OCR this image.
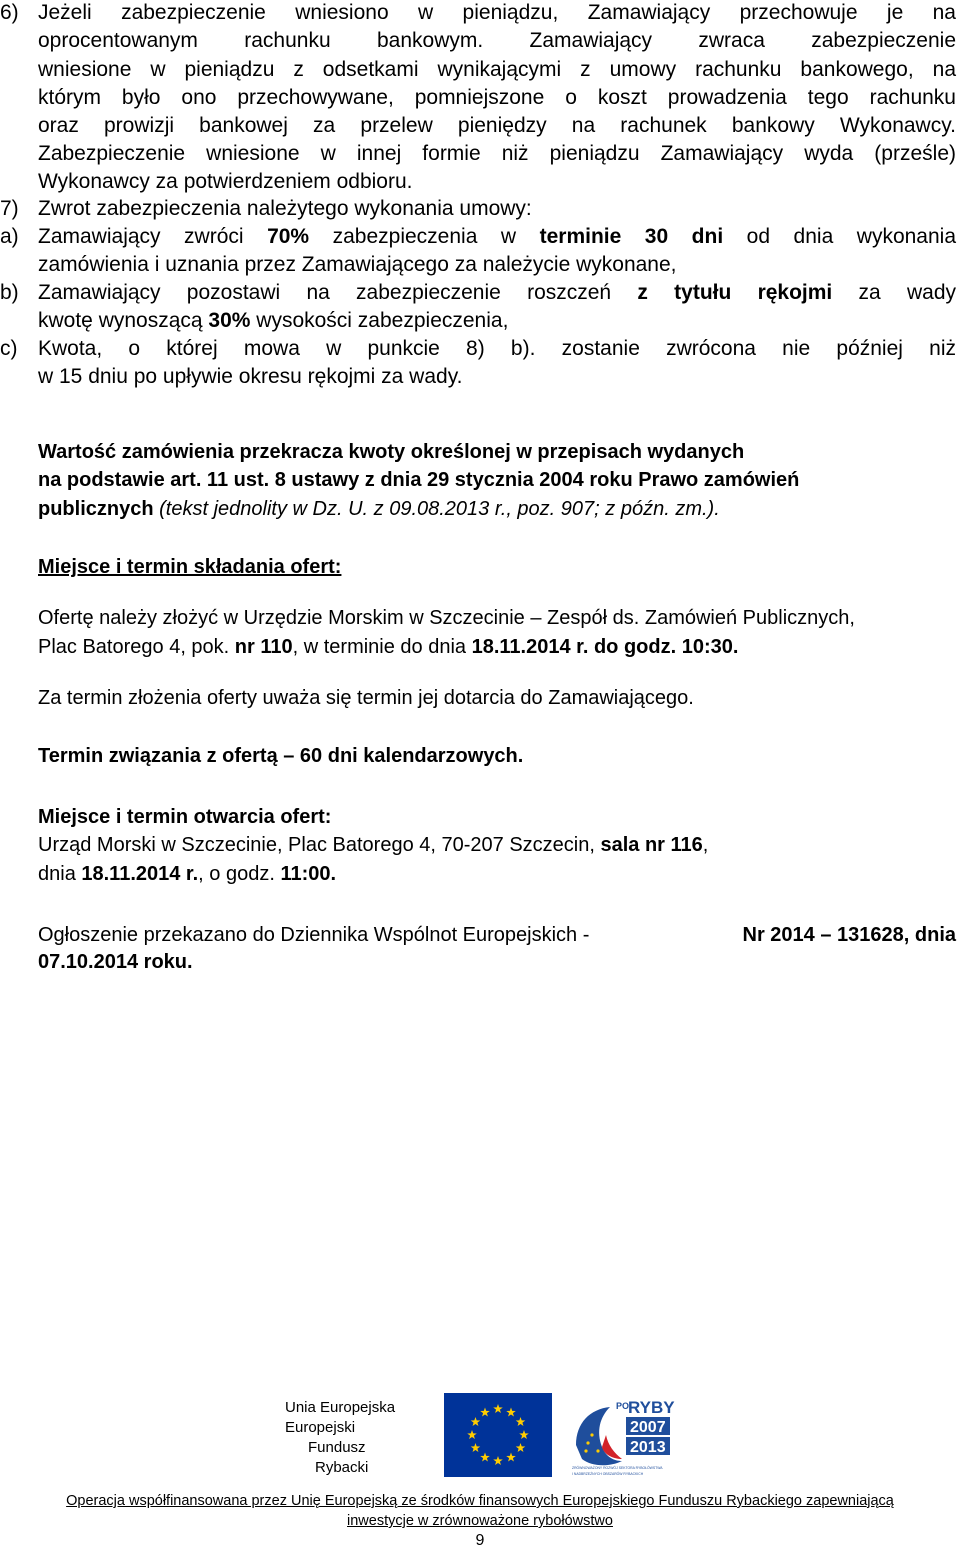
6) Jeżeli zabezpieczenie wniesiono w pieniądzu, Zamawiający przechowuje je na
oprocentowanym rachunku bankowym. Zamawiający zwraca zabezpieczenie
wniesione w pieniądzu z odsetkami wynikającymi z umowy rachunku bankowego, na
którym było ono przechowywane, pomniejszone o koszt prowadzenia tego rachunku
oraz prowizji bankowej za przelew pieniędzy na rachunek bankowy Wykonawcy.
Zabezpieczenie wniesione w innej formie niż pieniądzu Zamawiający wyda (prześle)
Wykonawcy za potwierdzeniem odbioru.
7) Zwrot zabezpieczenia należytego wykonania umowy:
a) Zamawiający zwróci 70% zabezpieczenia w terminie 30 dni od dnia wykonania
zamówienia i uznania przez Zamawiającego za należycie wykonane,
b) Zamawiający pozostawi na zabezpieczenie roszczeń z tytułu rękojmi za wady
kwotę wynoszącą 30% wysokości zabezpieczenia,
c) Kwota, o której mowa w punkcie 8) b). zostanie zwrócona nie później niż
w 15 dniu po upływie okresu rękojmi za wady.
Wartość zamówienia przekracza kwoty określonej w przepisach wydanych
na podstawie art. 11 ust. 8 ustawy z dnia 29 stycznia 2004 roku Prawo zamówień
publicznych (tekst jednolity w Dz. U. z 09.08.2013 r., poz. 907; z późn. zm.).
Miejsce i termin składania ofert:
Ofertę należy złożyć w Urzędzie Morskim w Szczecinie – Zespół ds. Zamówień Publicznych,
Plac Batorego 4, pok. nr 110, w terminie do dnia 18.11.2014 r. do godz. 10:30.
Za termin złożenia oferty uważa się termin jej dotarcia do Zamawiającego.
Termin związania z ofertą – 60 dni kalendarzowych.
Miejsce i termin otwarcia ofert:
Urząd Morski w Szczecinie, Plac Batorego 4, 70-207 Szczecin, sala nr 116,
dnia 18.11.2014 r., o godz. 11:00.
Ogłoszenie przekazano do Dziennika Wspólnot Europejskich -	Nr 2014 – 131628, dnia
07.10.2014 roku.
Unia Europejska
Europejski
Fundusz
Rybacki
PO
RYBY
2007
2013
ZRÓWNOWAŻONY ROZWÓJ SEKTORA RYBOŁÓWSTWA
I NADBRZEŻNYCH OBSZARÓW RYBACKICH
Operacja współfinansowana przez Unię Europejską ze środków finansowych Europejskiego Funduszu Rybackiego zapewniającą
inwestycje w zrównoważone rybołówstwo
9
